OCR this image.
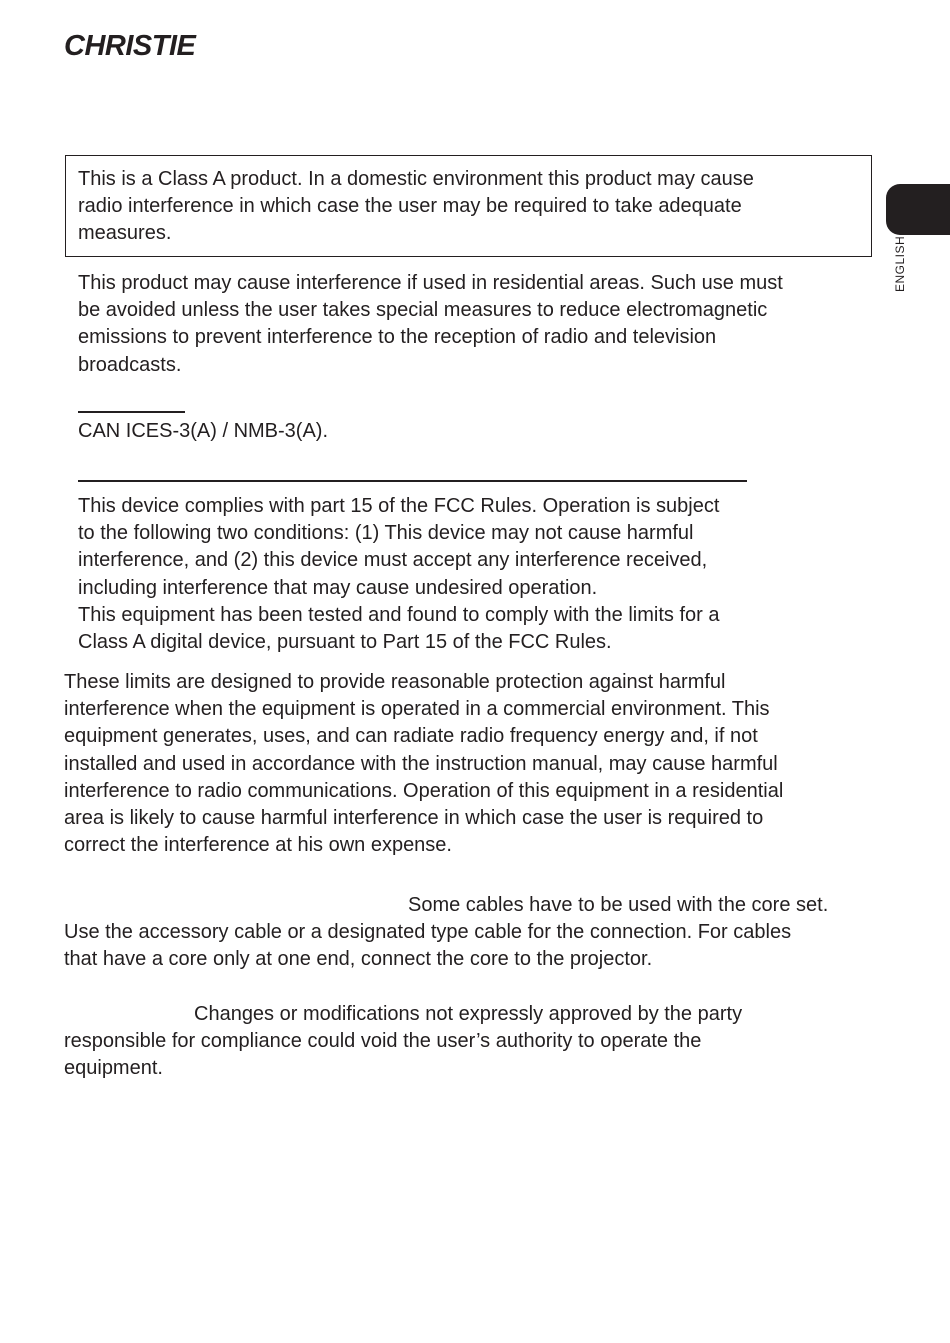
CHRISTIE
ENGLISH

This is a Class A product. In a domestic environment this product may cause
radio interference in which case the user may be required to take adequate
measures.

This product may cause interference if used in residential areas. Such use must
be avoided unless the user takes special measures to reduce electromagnetic
emissions to prevent interference to the reception of radio and television
broadcasts.

CAN ICES-3(A) / NMB-3(A).

This device complies with part 15 of the FCC Rules. Operation is subject
to the following two conditions: (1) This device may not cause harmful
interference, and (2) this device must accept any interference received,
including interference that may cause undesired operation.
This equipment has been tested and found to comply with the limits for a
Class A digital device, pursuant to Part 15 of the FCC Rules.

These limits are designed to provide reasonable protection against harmful
interference when the equipment is operated in a commercial environment. This
equipment generates, uses, and can radiate radio frequency energy and, if not
installed and used in accordance with the instruction manual, may cause harmful
interference to radio communications. Operation of this equipment in a residential
area is likely to cause harmful interference in which case the user is required to
correct the interference at his own expense.

Some cables have to be used with the core set.

Use the accessory cable or a designated type cable for the connection. For cables
that have a core only at one end, connect the core to the projector.

Changes or modifications not expressly approved by the party

responsible for compliance could void the user’s authority to operate the
equipment.
